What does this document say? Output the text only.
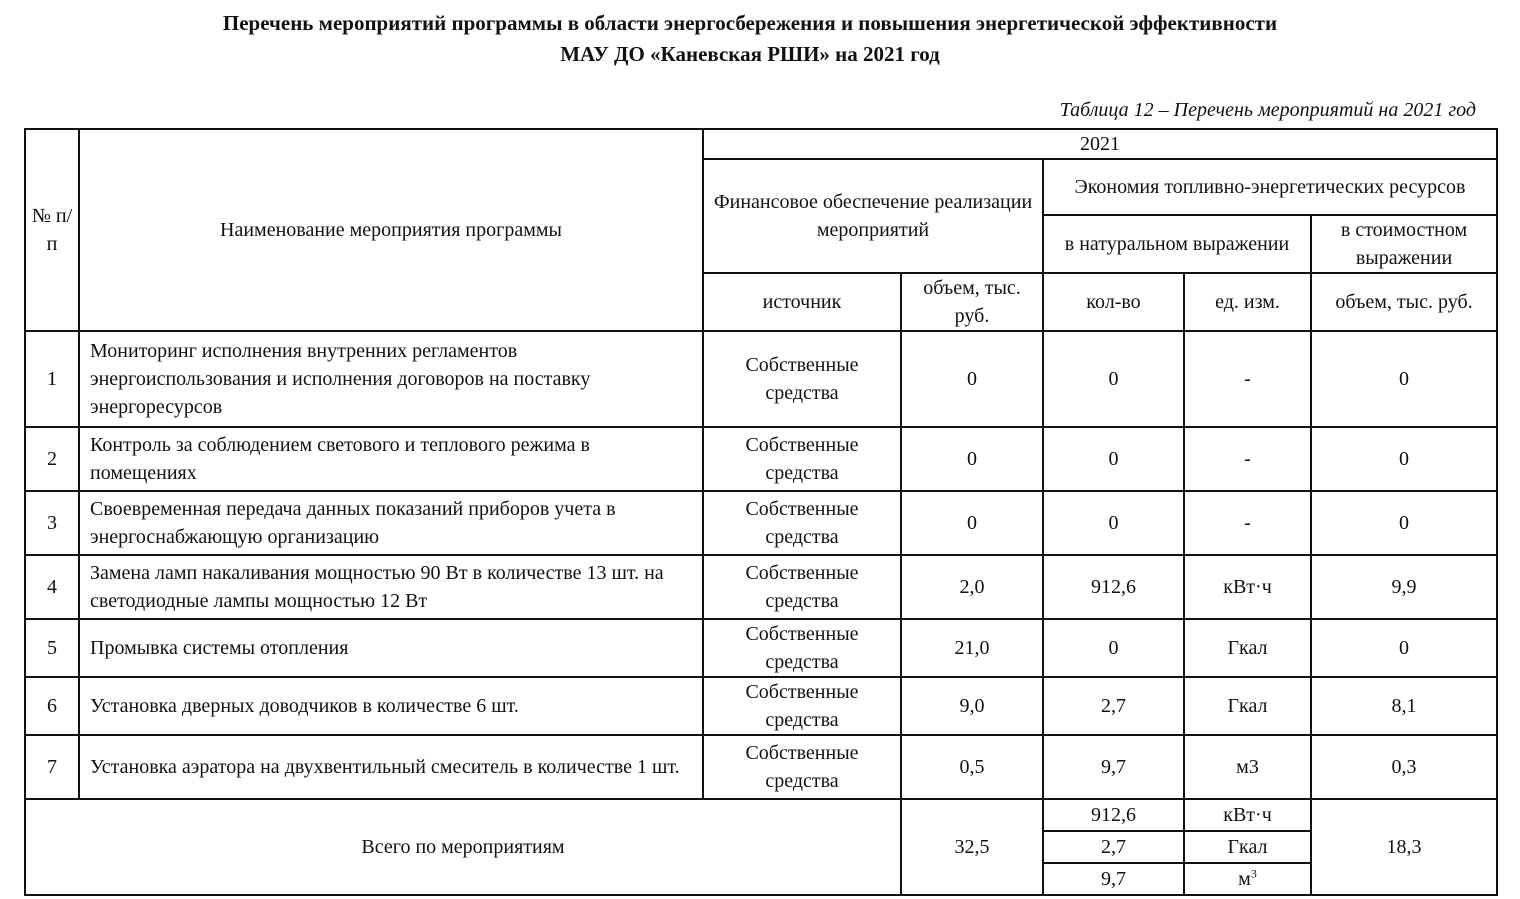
Перечень мероприятий программы в области энергосбережения и повышения энергетической эффективности
МАУ ДО «Каневская РШИ» на 2021 год
Таблица 12 – Перечень мероприятий на 2021 год
№ п/п	Наименование мероприятия программы	2021				
		Финансовое обеспечение реализации мероприятий		Экономия топливно-энергетических ресурсов		
				в натуральном выражении		в стоимостном выражении
		источник	объем, тыс. руб.	кол-во	ед. изм.	объем, тыс. руб.
1	Мониторинг исполнения внутренних регламентов энергоиспользования и исполнения договоров на поставку энергоресурсов	Собственные средства	0	0	-	0
2	Контроль за соблюдением светового и теплового режима в помещениях	Собственные средства	0	0	-	0
3	Своевременная передача данных показаний приборов учета в энергоснабжающую организацию	Собственные средства	0	0	-	0
4	Замена ламп накаливания мощностью 90 Вт в количестве 13 шт. на светодиодные лампы мощностью 12 Вт	Собственные средства	2,0	912,6	кВт·ч	9,9
5	Промывка системы отопления	Собственные средства	21,0	0	Гкал	0
6	Установка дверных доводчиков в количестве 6 шт.	Собственные средства	9,0	2,7	Гкал	8,1
7	Установка аэратора на двухвентильный смеситель в количестве 1 шт.	Собственные средства	0,5	9,7	м3	0,3
Всего по мероприятиям			32,5	912,6	кВт·ч	18,3
				2,7	Гкал	
				9,7	$м^3$
